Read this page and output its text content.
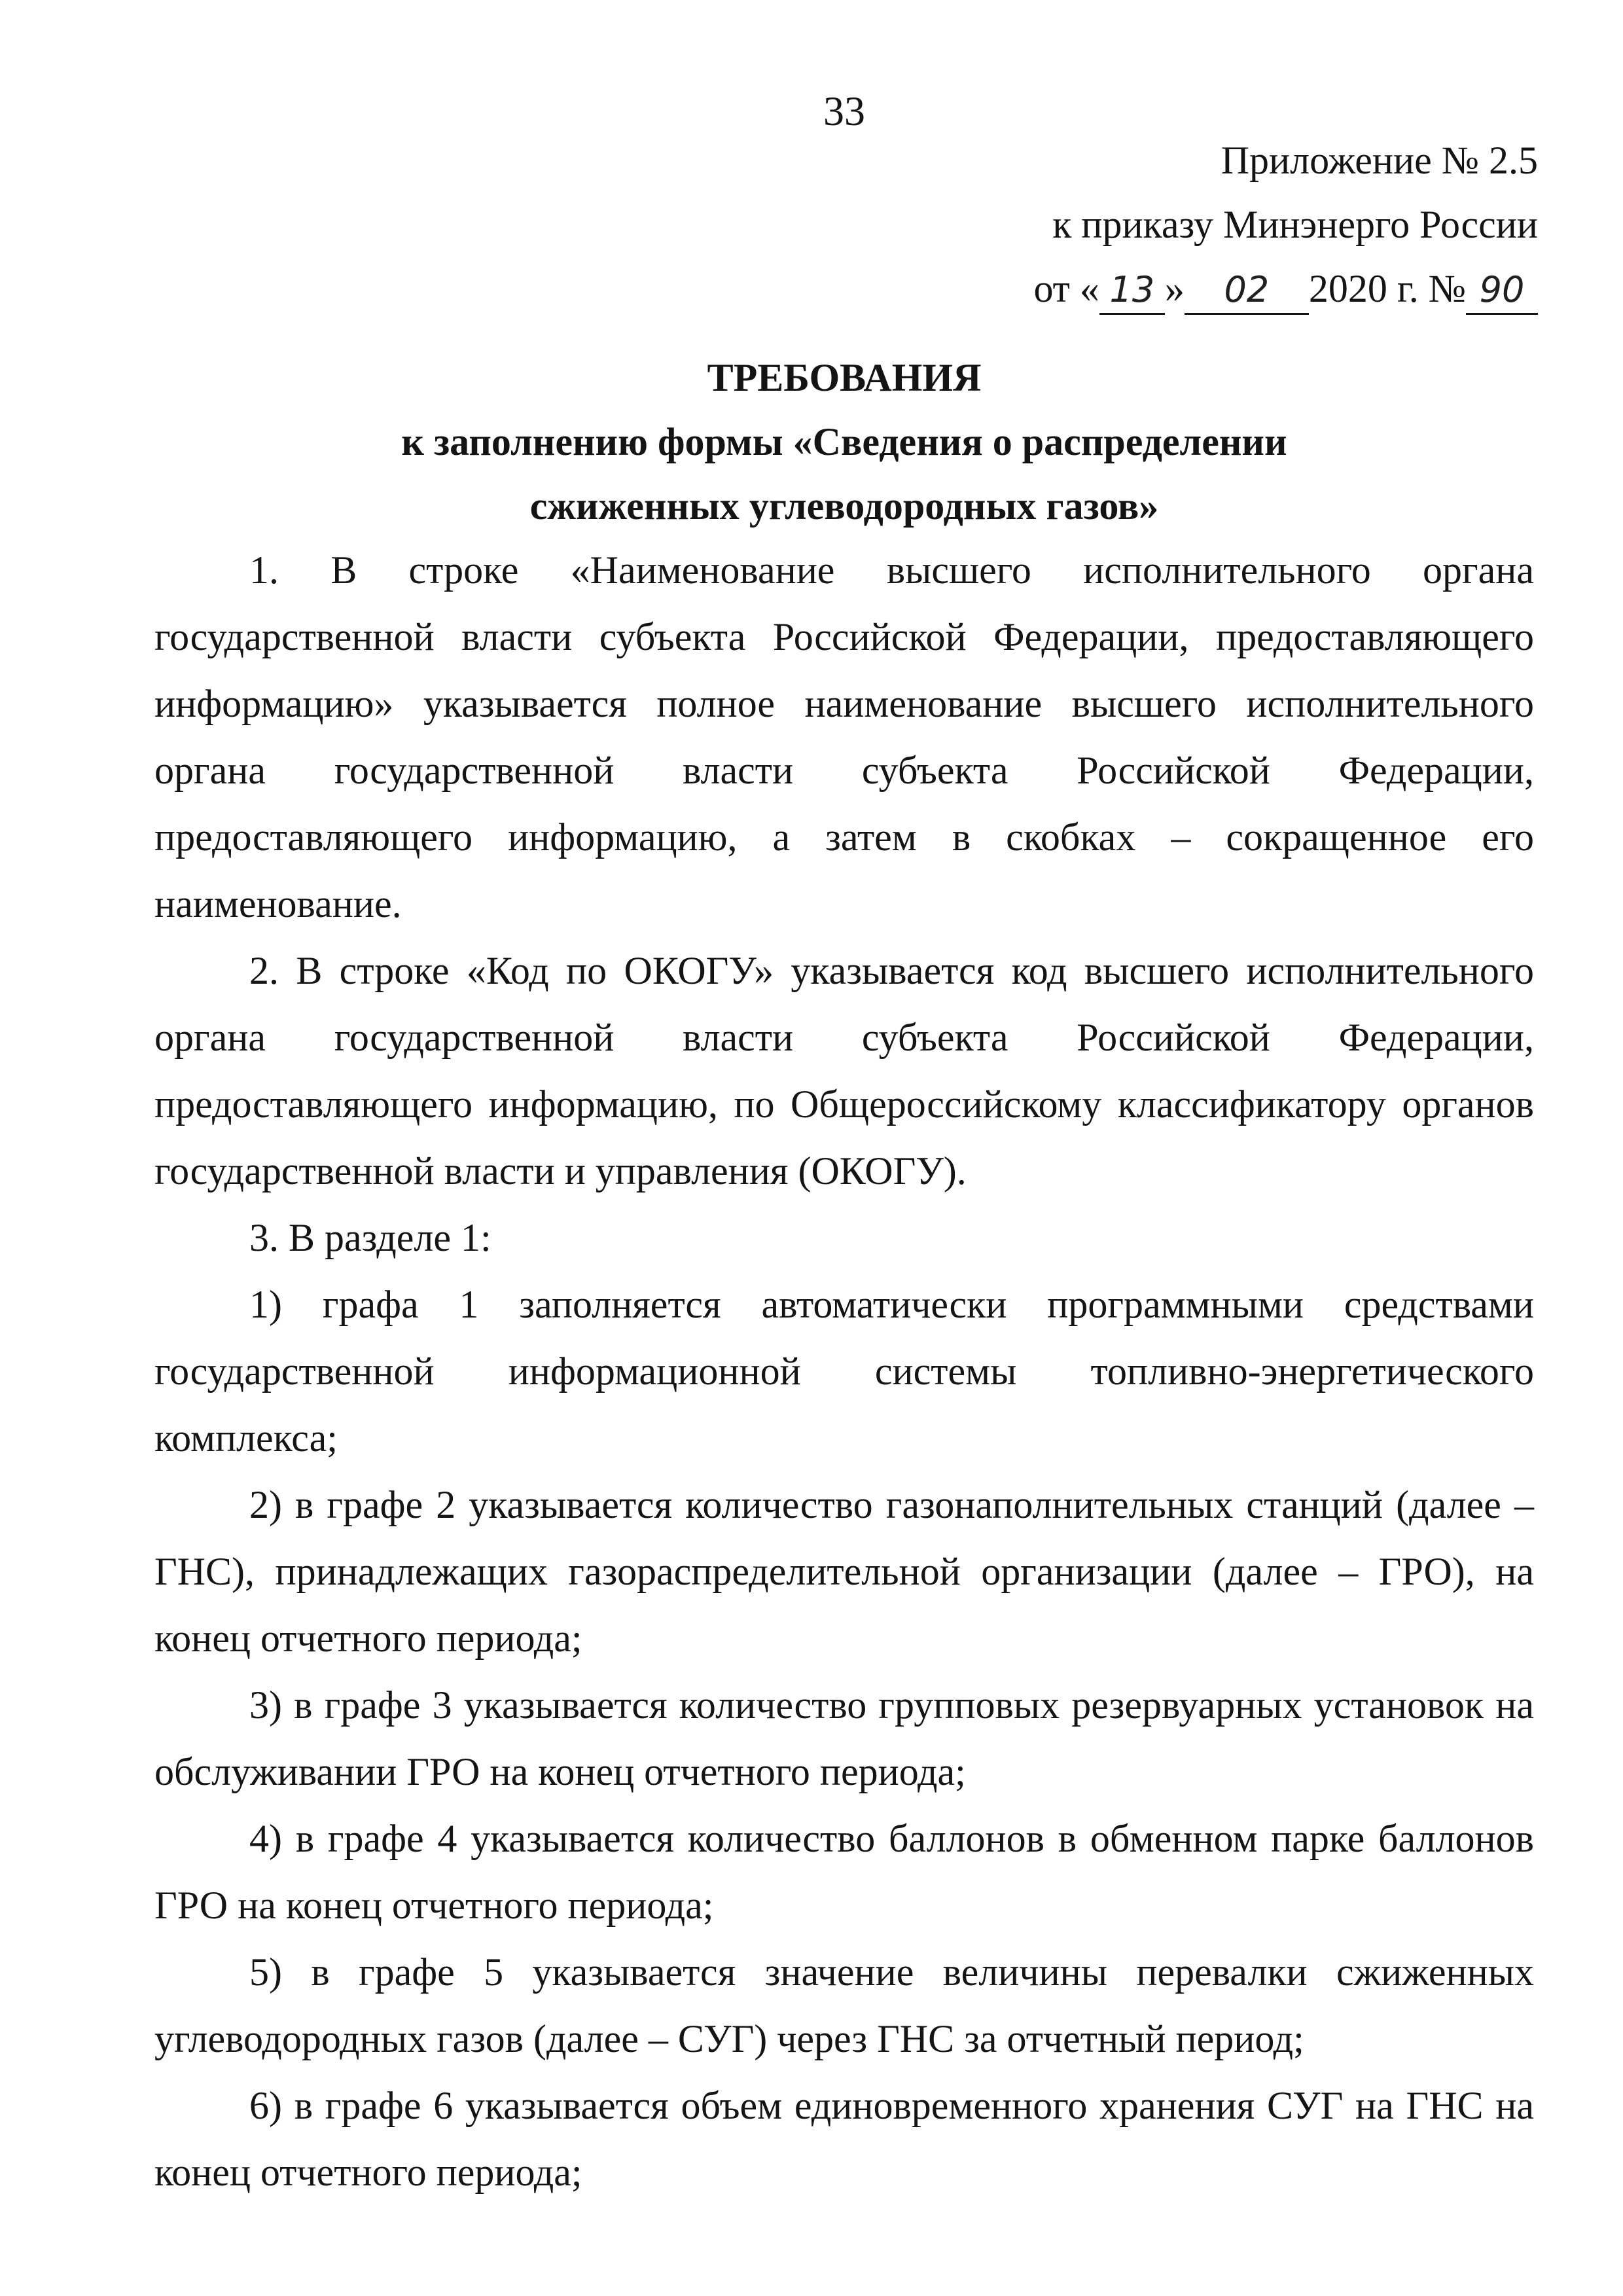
33
Приложение № 2.5
к приказу Минэнерго России
от « 13 » 02 2020 г. № 90
ТРЕБОВАНИЯ
к заполнению формы «Сведения о распределении
сжиженных углеводородных газов»

1. В строке «Наименование высшего исполнительного органа государственной власти субъекта Российской Федерации, предоставляющего информацию» указывается полное наименование высшего исполнительного органа государственной власти субъекта Российской Федерации, предоставляющего информацию, а затем в скобках – сокращенное его наименование.

2. В строке «Код по ОКОГУ» указывается код высшего исполнительного органа государственной власти субъекта Российской Федерации, предоставляющего информацию, по Общероссийскому классификатору органов государственной власти и управления (ОКОГУ).

3. В разделе 1:

1) графа 1 заполняется автоматически программными средствами государственной информационной системы топливно-энергетического комплекса;

2) в графе 2 указывается количество газонаполнительных станций (далее – ГНС), принадлежащих газораспределительной организации (далее – ГРО), на конец отчетного периода;

3) в графе 3 указывается количество групповых резервуарных установок на обслуживании ГРО на конец отчетного периода;

4) в графе 4 указывается количество баллонов в обменном парке баллонов ГРО на конец отчетного периода;

5) в графе 5 указывается значение величины перевалки сжиженных углеводородных газов (далее – СУГ) через ГНС за отчетный период;

6) в графе 6 указывается объем единовременного хранения СУГ на ГНС на конец отчетного периода;
